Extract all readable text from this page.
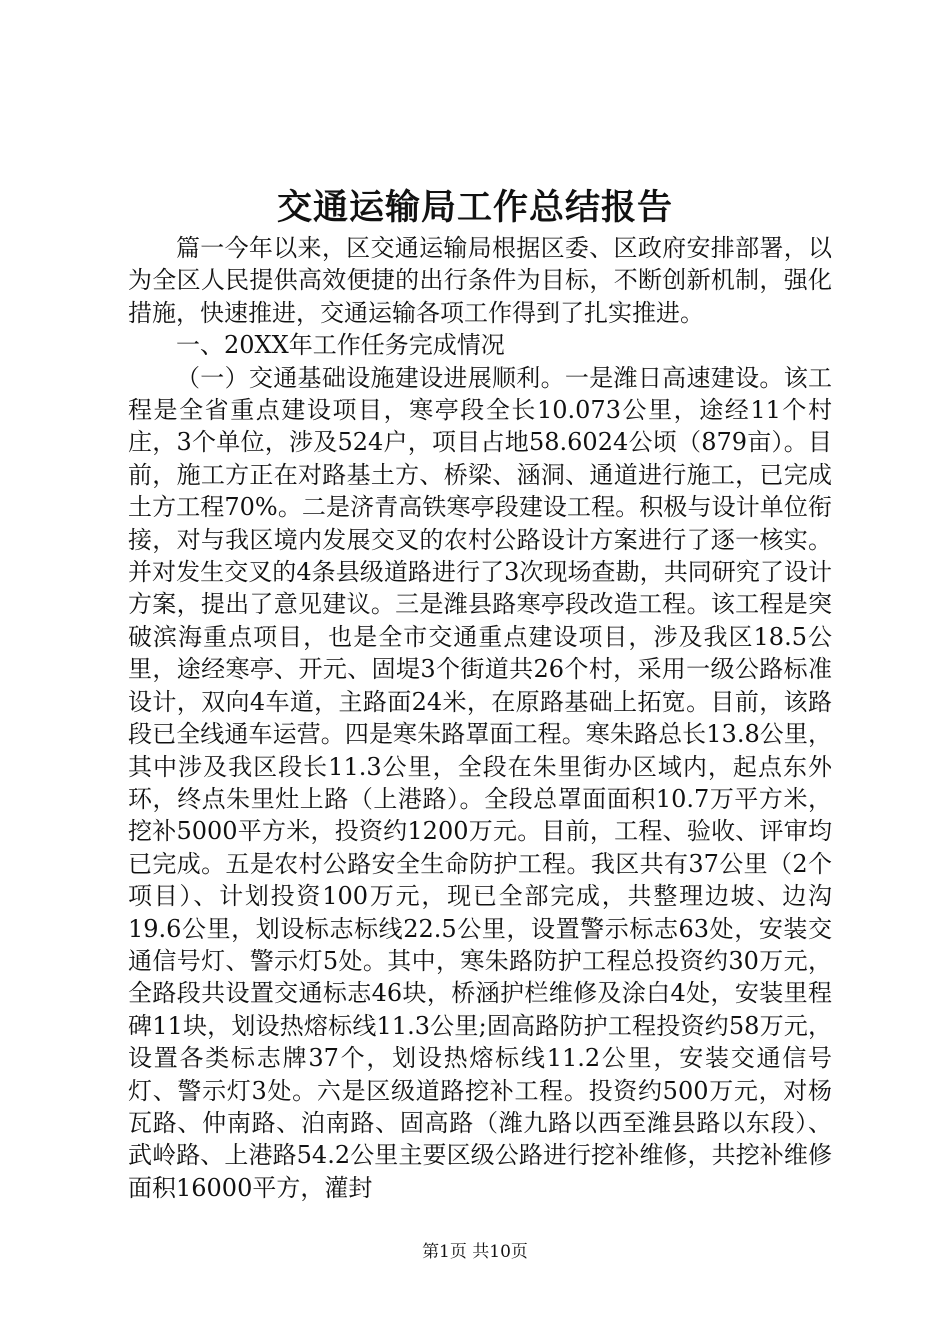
交通运输局工作总结报告

篇一今年以来，区交通运输局根据区委、区政府安排部署，以为全区人民提供高效便捷的出行条件为目标，不断创新机制，强化措施，快速推进，交通运输各项工作得到了扎实推进。

一、20XX年工作任务完成情况

（一）交通基础设施建设进展顺利。一是潍日高速建设。该工程是全省重点建设项目，寒亭段全长10.073公里，途经11个村庄，3个单位，涉及524户，项目占地58.6024公顷（879亩）。目前，施工方正在对路基土方、桥梁、涵洞、通道进行施工，已完成土方工程70%。二是济青高铁寒亭段建设工程。积极与设计单位衔接，对与我区境内发展交叉的农村公路设计方案进行了逐一核实。并对发生交叉的4条县级道路进行了3次现场查勘，共同研究了设计方案，提出了意见建议。三是潍县路寒亭段改造工程。该工程是突破滨海重点项目，也是全市交通重点建设项目，涉及我区18.5公里，途经寒亭、开元、固堤3个街道共26个村，采用一级公路标准设计，双向4车道，主路面24米，在原路基础上拓宽。目前，该路段已全线通车运营。四是寒朱路罩面工程。寒朱路总长13.8公里，其中涉及我区段长11.3公里，全段在朱里街办区域内，起点东外环，终点朱里灶上路（上港路）。全段总罩面面积10.7万平方米，挖补5000平方米，投资约1200万元。目前，工程、验收、评审均已完成。五是农村公路安全生命防护工程。我区共有37公里（2个项目）、计划投资100万元，现已全部完成，共整理边坡、边沟19.6公里，划设标志标线22.5公里，设置警示标志63处，安装交通信号灯、警示灯5处。其中，寒朱路防护工程总投资约30万元，全路段共设置交通标志46块，桥涵护栏维修及涂白4处，安装里程碑11块，划设热熔标线11.3公里;固高路防护工程投资约58万元，设置各类标志牌37个，划设热熔标线11.2公里，安装交通信号灯、警示灯3处。六是区级道路挖补工程。投资约500万元，对杨瓦路、仲南路、泊南路、固高路（潍九路以西至潍县路以东段）、武岭路、上港路54.2公里主要区级公路进行挖补维修，共挖补维修面积16000平方，灌封

第1页 共10页
